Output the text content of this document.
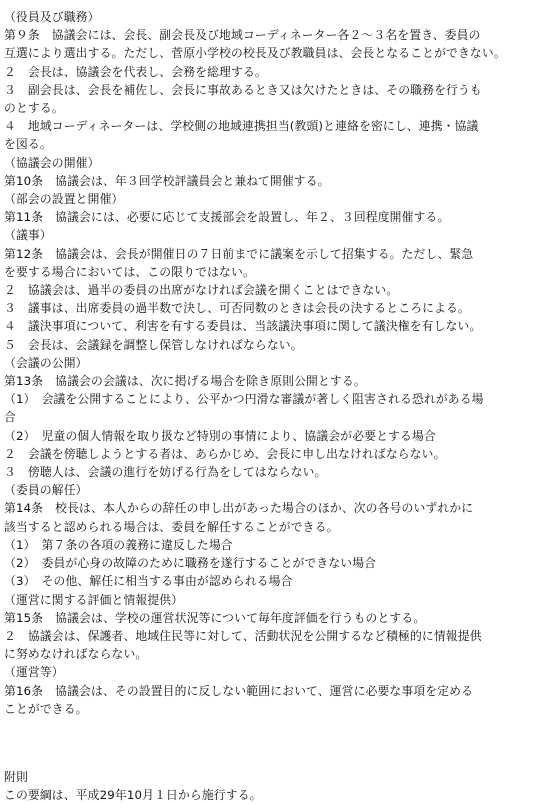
（役員及び職務）

第９条　協議会には、会長、副会長及び地域コーディネーター各２～３名を置き、委員の

互選により選出する。ただし、菅原小学校の校長及び教職員は、会長となることができない。

２　会長は、協議会を代表し、会務を総理する。

３　副会長は、会長を補佐し、会長に事故あるとき又は欠けたときは、その職務を行うも

のとする。

４　地域コーディネーターは、学校側の地域連携担当(教頭)と連絡を密にし、連携・協議

を図る。

（協議会の開催）

第10条　協議会は、年３回学校評議員会と兼ねて開催する。

（部会の設置と開催）

第11条　協議会には、必要に応じて支援部会を設置し、年２、３回程度開催する。

（議事）

第12条　協議会は、会長が開催日の７日前までに議案を示して招集する。ただし、緊急

を要する場合においては、この限りではない。

２　協議会は、過半の委員の出席がなければ会議を開くことはできない。

３　議事は、出席委員の過半数で決し、可否同数のときは会長の決するところによる。

４　議決事項について、利害を有する委員は、当該議決事項に関して議決権を有しない。

５　会長は、会議録を調整し保管しなければならない。

（会議の公開）

第13条　協議会の会議は、次に掲げる場合を除き原則公開とする。

（1）　会議を公開することにより、公平かつ円滑な審議が著しく阻害される恐れがある場

合

（2）　児童の個人情報を取り扱など特別の事情により、協議会が必要とする場合

２　会議を傍聴しようとする者は、あらかじめ、会長に申し出なければならない。

３　傍聴人は、会議の進行を妨げる行為をしてはならない。

（委員の解任）

第14条　校長は、本人からの辞任の申し出があった場合のほか、次の各号のいずれかに

該当すると認められる場合は、委員を解任することができる。

（1）　第７条の各項の義務に違反した場合

（2）　委員が心身の故障のために職務を遂行することができない場合

（3）　その他、解任に相当する事由が認められる場合

（運営に関する評価と情報提供）

第15条　協議会は、学校の運営状況等について毎年度評価を行うものとする。

２　協議会は、保護者、地域住民等に対して、活動状況を公開するなど積極的に情報提供

に努めなければならない。

（運営等）

第16条　協議会は、その設置目的に反しない範囲において、運営に必要な事項を定める

ことができる。

附則

この要綱は、平成29年10月１日から施行する。
